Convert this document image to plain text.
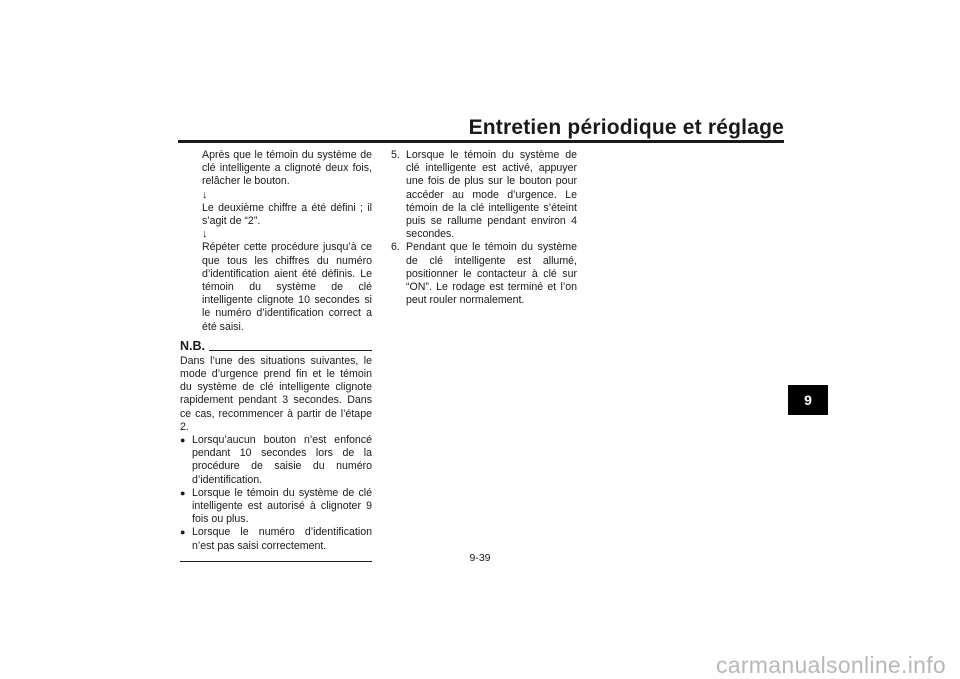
Entretien périodique et réglage

Après que le témoin du système de clé intelligente a clignoté deux fois, relâcher le bouton.

↓

Le deuxième chiffre a été défini ; il s’agit de “2”.

↓

Répéter cette procédure jusqu’à ce que tous les chiffres du numéro d’identification aient été définis. Le témoin du système de clé intelligente clignote 10 secondes si le numéro d’identification correct a été saisi.

N.B.

Dans l’une des situations suivantes, le mode d’urgence prend fin et le témoin du système de clé intelligente clignote rapidement pendant 3 secondes. Dans ce cas, recommencer à partir de l’étape 2.

● Lorsqu’aucun bouton n’est enfoncé pendant 10 secondes lors de la procédure de saisie du numéro d’identification.

● Lorsque le témoin du système de clé intelligente est autorisé à clignoter 9 fois ou plus.

● Lorsque le numéro d’identification n’est pas saisi correctement.

5. Lorsque le témoin du système de clé intelligente est activé, appuyer une fois de plus sur le bouton pour accéder au mode d’urgence. Le témoin de la clé intelligente s’éteint puis se rallume pendant environ 4 secondes.

6. Pendant que le témoin du système de clé intelligente est allumé, positionner le contacteur à clé sur “ON”. Le rodage est terminé et l’on peut rouler normalement.

9
9-39
carmanualsonline.info
